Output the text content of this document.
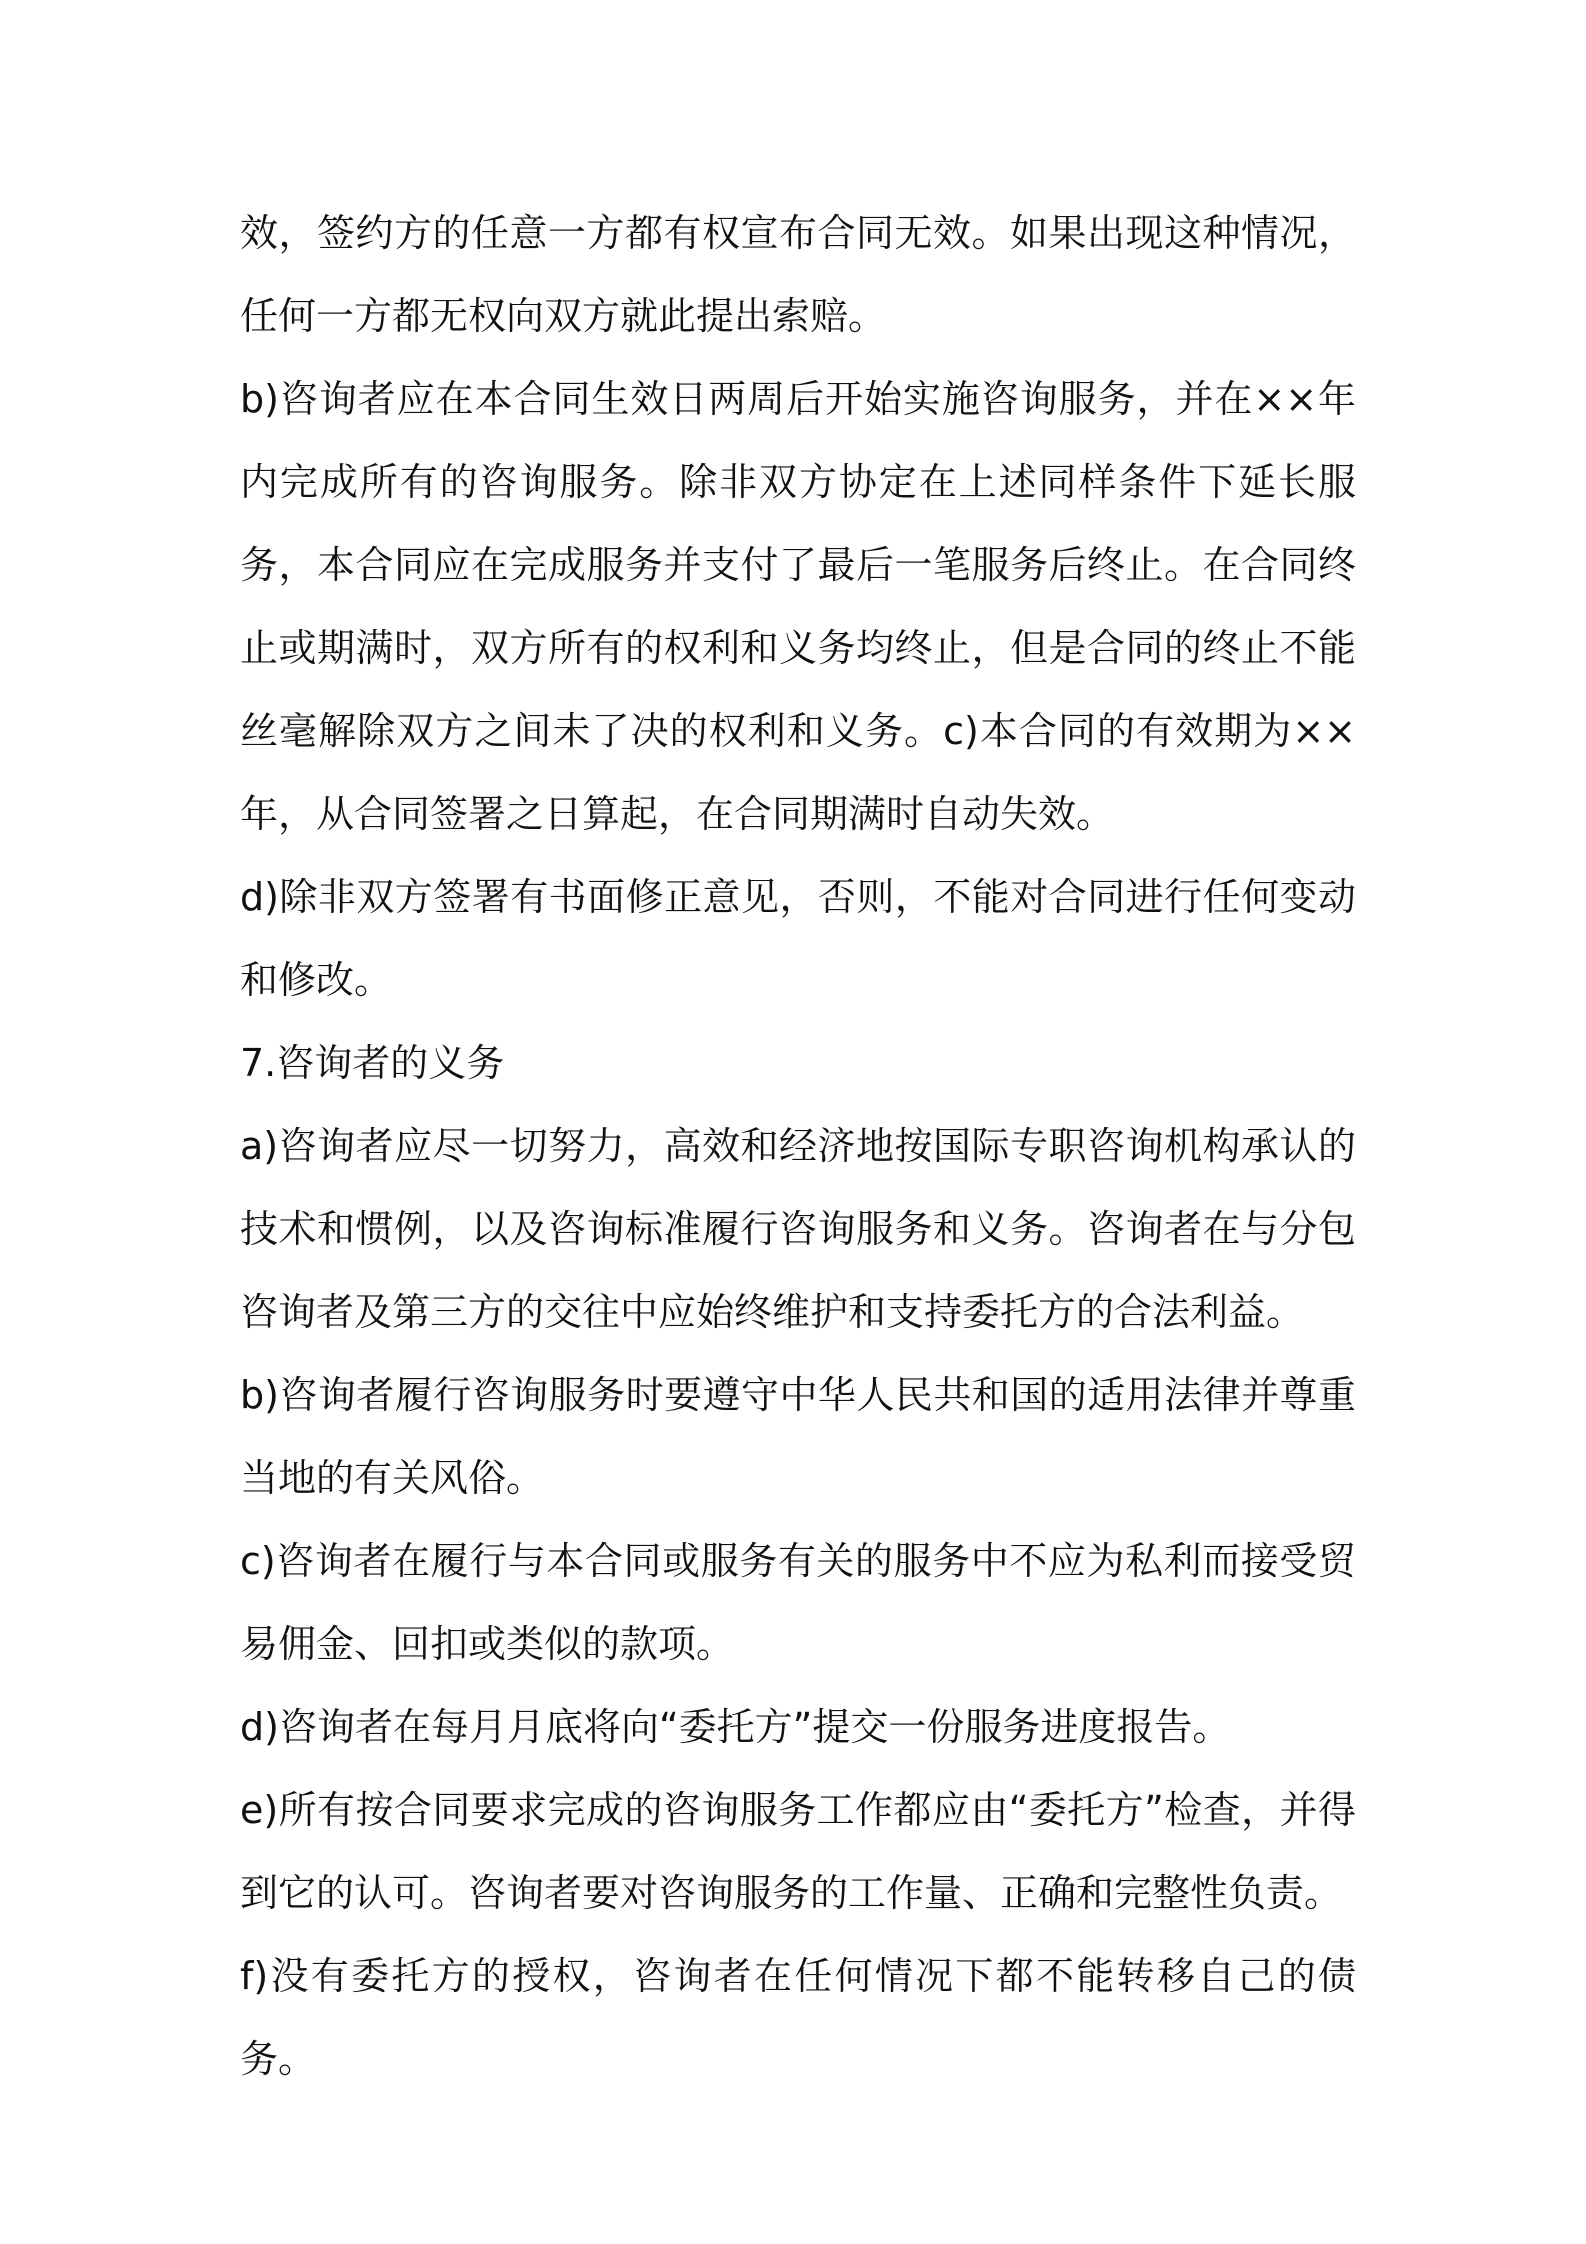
效，签约方的任意一方都有权宣布合同无效。如果出现这种情况，任何一方都无权向双方就此提出索赔。

b)咨询者应在本合同生效日两周后开始实施咨询服务，并在××年内完成所有的咨询服务。除非双方协定在上述同样条件下延长服务，本合同应在完成服务并支付了最后一笔服务后终止。在合同终止或期满时，双方所有的权利和义务均终止，但是合同的终止不能丝毫解除双方之间未了决的权利和义务。c)本合同的有效期为××年，从合同签署之日算起，在合同期满时自动失效。

d)除非双方签署有书面修正意见，否则，不能对合同进行任何变动和修改。

7.咨询者的义务

a)咨询者应尽一切努力，高效和经济地按国际专职咨询机构承认的技术和惯例，以及咨询标准履行咨询服务和义务。咨询者在与分包咨询者及第三方的交往中应始终维护和支持委托方的合法利益。

b)咨询者履行咨询服务时要遵守中华人民共和国的适用法律并尊重当地的有关风俗。

c)咨询者在履行与本合同或服务有关的服务中不应为私利而接受贸易佣金、回扣或类似的款项。

d)咨询者在每月月底将向“委托方”提交一份服务进度报告。

e)所有按合同要求完成的咨询服务工作都应由“委托方”检查，并得到它的认可。咨询者要对咨询服务的工作量、正确和完整性负责。

f)没有委托方的授权，咨询者在任何情况下都不能转移自己的债务。
